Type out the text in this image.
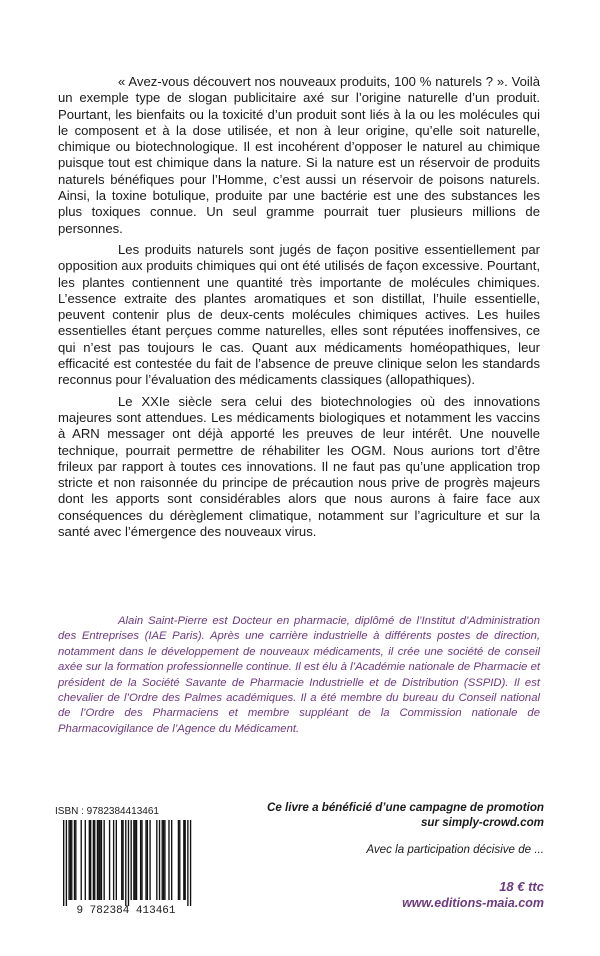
« Avez-vous découvert nos nouveaux produits, 100 % naturels ? ». Voilà un exemple type de slogan publicitaire axé sur l’origine naturelle d’un produit. Pourtant, les bienfaits ou la toxicité d’un produit sont liés à la ou les molécules qui le composent et à la dose utilisée, et non à leur origine, qu’elle soit naturelle, chimique ou biotechnologique. Il est incohérent d’opposer le naturel au chimique puisque tout est chimique dans la nature. Si la nature est un réservoir de produits naturels bénéfiques pour l’Homme, c’est aussi un réservoir de poisons naturels. Ainsi, la toxine botulique, produite par une bactérie est une des substances les plus toxiques connue. Un seul gramme pourrait tuer plusieurs millions de personnes.

Les produits naturels sont jugés de façon positive essentiellement par opposition aux produits chimiques qui ont été utilisés de façon excessive. Pourtant, les plantes contiennent une quantité très importante de molécules chimiques. L’essence extraite des plantes aromatiques et son distillat, l’huile essentielle, peuvent contenir plus de deux-cents molécules chimiques actives. Les huiles essentielles étant perçues comme naturelles, elles sont réputées inoffensives, ce qui n’est pas toujours le cas. Quant aux médicaments homéopathiques, leur efficacité est contestée du fait de l’absence de preuve clinique selon les standards reconnus pour l’évaluation des médicaments classiques (allopathiques).

Le XXIe siècle sera celui des biotechnologies où des innovations majeures sont attendues. Les médicaments biologiques et notamment les vaccins à ARN messager ont déjà apporté les preuves de leur intérêt. Une nouvelle technique, pourrait permettre de réhabiliter les OGM. Nous aurions tort d’être frileux par rapport à toutes ces innovations. Il ne faut pas qu’une application trop stricte et non raisonnée du principe de précaution nous prive de progrès majeurs dont les apports sont considérables alors que nous aurons à faire face aux conséquences du dérèglement climatique, notamment sur l’agriculture et sur la santé avec l’émergence des nouveaux virus.

Alain Saint-Pierre est Docteur en pharmacie, diplômé de l’Institut d’Administration des Entreprises (IAE Paris). Après une carrière industrielle à différents postes de direction, notamment dans le développement de nouveaux médicaments, il crée une société de conseil axée sur la formation professionnelle continue. Il est élu à l’Académie nationale de Pharmacie et président de la Société Savante de Pharmacie Industrielle et de Distribution (SSPID). Il est chevalier de l’Ordre des Palmes académiques. Il a été membre du bureau du Conseil national de l’Ordre des Pharmaciens et membre suppléant de la Commission nationale de Pharmacovigilance de l’Agence du Médicament.
ISBN : 9782384413461
9 782384 413461
Ce livre a bénéficié d’une campagne de promotion
sur simply-crowd.com
Avec la participation décisive de ...
18 € ttc
www.editions-maia.com
